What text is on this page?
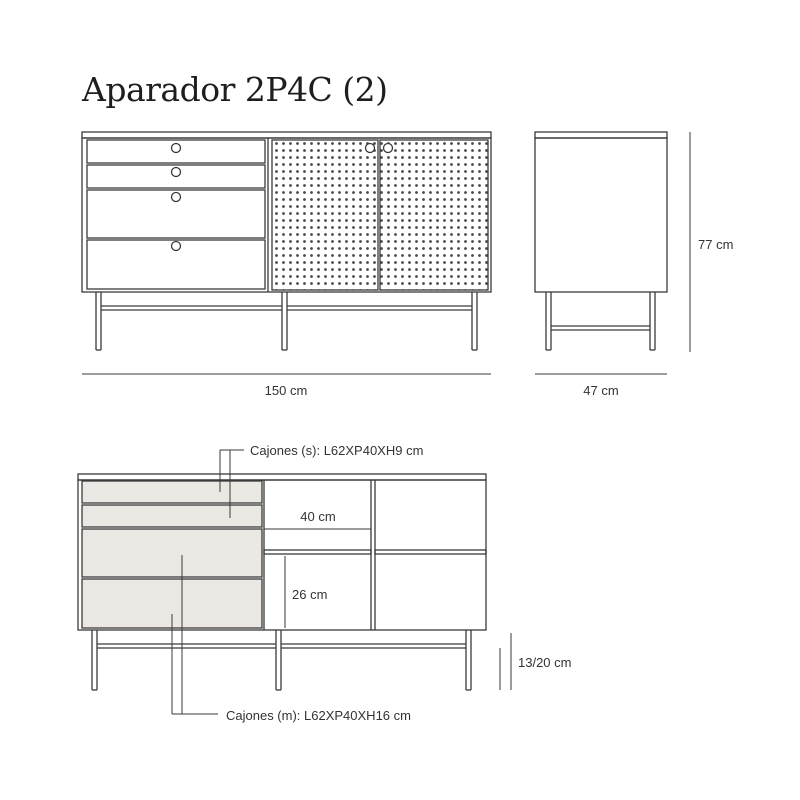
Aparador 2P4C (2)
150 cm	47 cm
77 cm
Cajones (s): L62XP40XH9 cm
Cajones (m): L62XP40XH16 cm
40 cm
26 cm
13/20 cm
